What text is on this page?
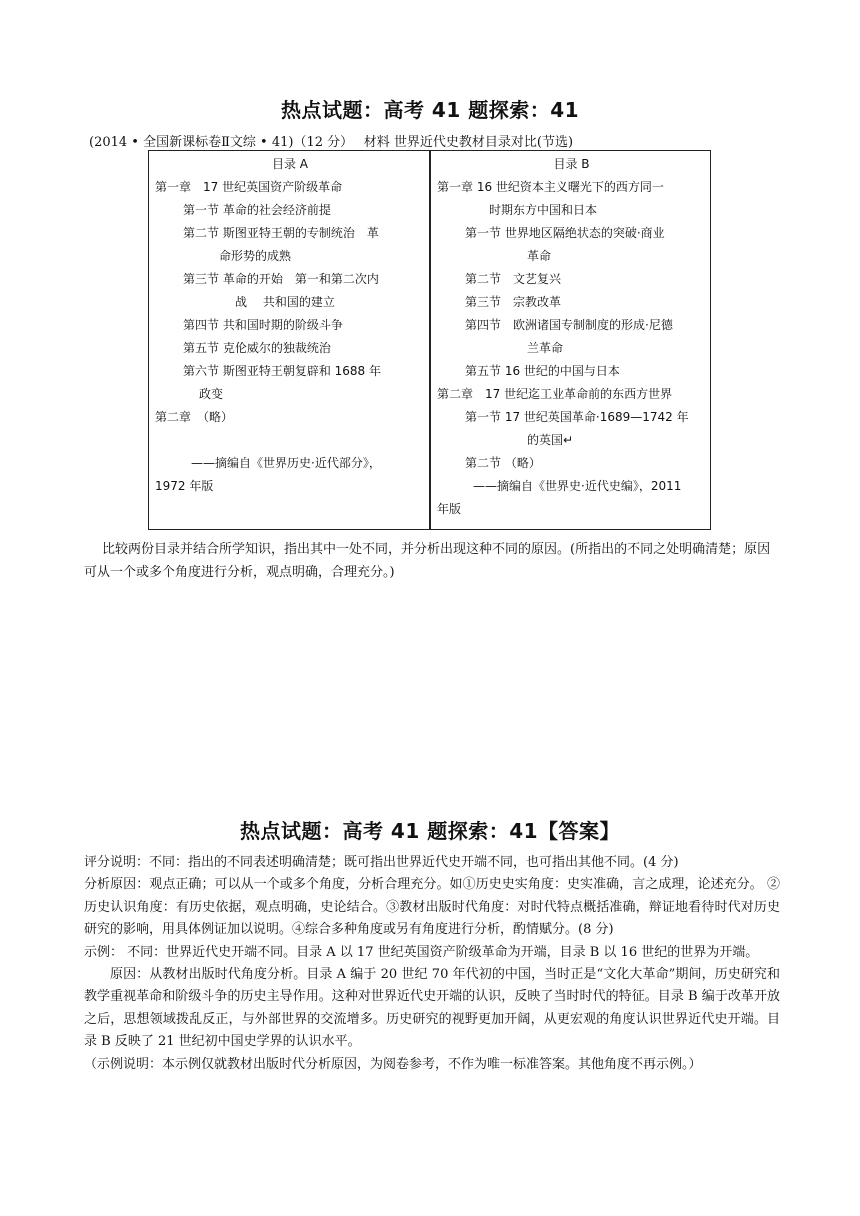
热点试题：高考 41 题探索：41
(2014 • 全国新课标卷Ⅱ文综 • 41)（12 分）　 材料 世界近代史教材目录对比(节选)
目录 A
第一章　17 世纪英国资产阶级革命
第一节 革命的社会经济前提
第二节 斯图亚特王朝的专制统治　革
命形势的成熟
第三节 革命的开始　第一和第二次内
战　 共和国的建立
第四节 共和国时期的阶级斗争
第五节 克伦威尔的独裁统治
第六节 斯图亚特王朝复辟和 1688 年
政变
第二章　（略）

——摘编自《世界历史·近代部分》，
1972 年版
目录 B
第一章 16 世纪资本主义曙光下的西方同一
时期东方中国和日本
第一节 世界地区隔绝状态的突破·商业
革命
第二节　文艺复兴
第三节　宗教改革
第四节　欧洲诸国专制制度的形成·尼德
兰革命
第五节 16 世纪的中国与日本
第二章　17 世纪迄工业革命前的东西方世界
第一节 17 世纪英国革命·1689—1742 年
的英国↵
第二节 （略）
——摘编自《世界史·近代史编》，2011
年版
比较两份目录并结合所学知识，指出其中一处不同，并分析出现这种不同的原因。(所指出的不同之处明确清楚；原因可从一个或多个角度进行分析，观点明确，合理充分。)
热点试题：高考 41 题探索：41【答案】

评分说明：不同：指出的不同表述明确清楚；既可指出世界近代史开端不同，也可指出其他不同。(4 分)

分析原因：观点正确；可以从一个或多个角度，分析合理充分。如①历史史实角度：史实准确，言之成理，论述充分。 ②历史认识角度：有历史依据，观点明确，史论结合。③教材出版时代角度：对时代特点概括准确，辩证地看待时代对历史研究的影响，用具体例证加以说明。④综合多种角度或另有角度进行分析，酌情赋分。(8 分)

示例： 不同：世界近代史开端不同。目录 A 以 17 世纪英国资产阶级革命为开端，目录 B 以 16 世纪的世界为开端。

原因：从教材出版时代角度分析。目录 A 编于 20 世纪 70 年代初的中国，当时正是“文化大革命”期间，历史研究和教学重视革命和阶级斗争的历史主导作用。这种对世界近代史开端的认识，反映了当时时代的特征。目录 B 编于改革开放之后，思想领域拨乱反正，与外部世界的交流增多。历史研究的视野更加开阔，从更宏观的角度认识世界近代史开端。目录 B 反映了 21 世纪初中国史学界的认识水平。

（示例说明：本示例仅就教材出版时代分析原因，为阅卷参考，不作为唯一标准答案。其他角度不再示例。）
